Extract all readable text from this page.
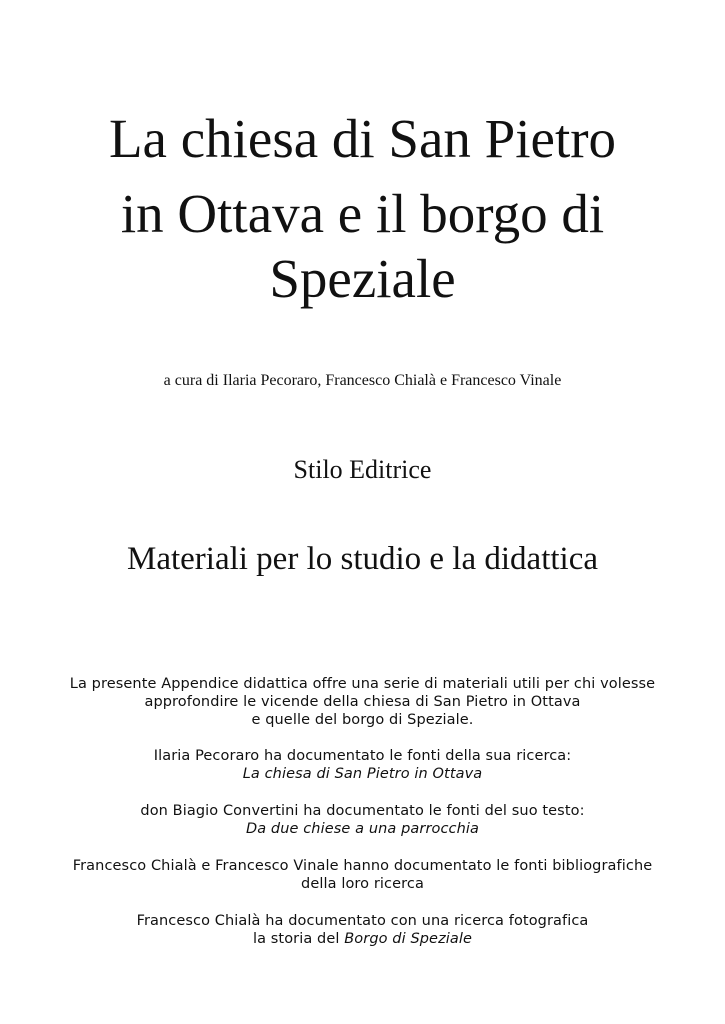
La chiesa di San Pietro
in Ottava e il borgo di
Speziale
a cura di Ilaria Pecoraro, Francesco Chialà e Francesco Vinale
Stilo Editrice
Materiali per lo studio e la didattica
La presente Appendice didattica offre una serie di materiali utili per chi volesse
approfondire le vicende della chiesa di San Pietro in Ottava
e quelle del borgo di Speziale.
Ilaria Pecoraro ha documentato le fonti della sua ricerca:
La chiesa di San Pietro in Ottava
don Biagio Convertini ha documentato le fonti del suo testo:
Da due chiese a una parrocchia
Francesco Chialà e Francesco Vinale hanno documentato le fonti bibliografiche
della loro ricerca
Francesco Chialà ha documentato con una ricerca fotografica
la storia del Borgo di Speziale
